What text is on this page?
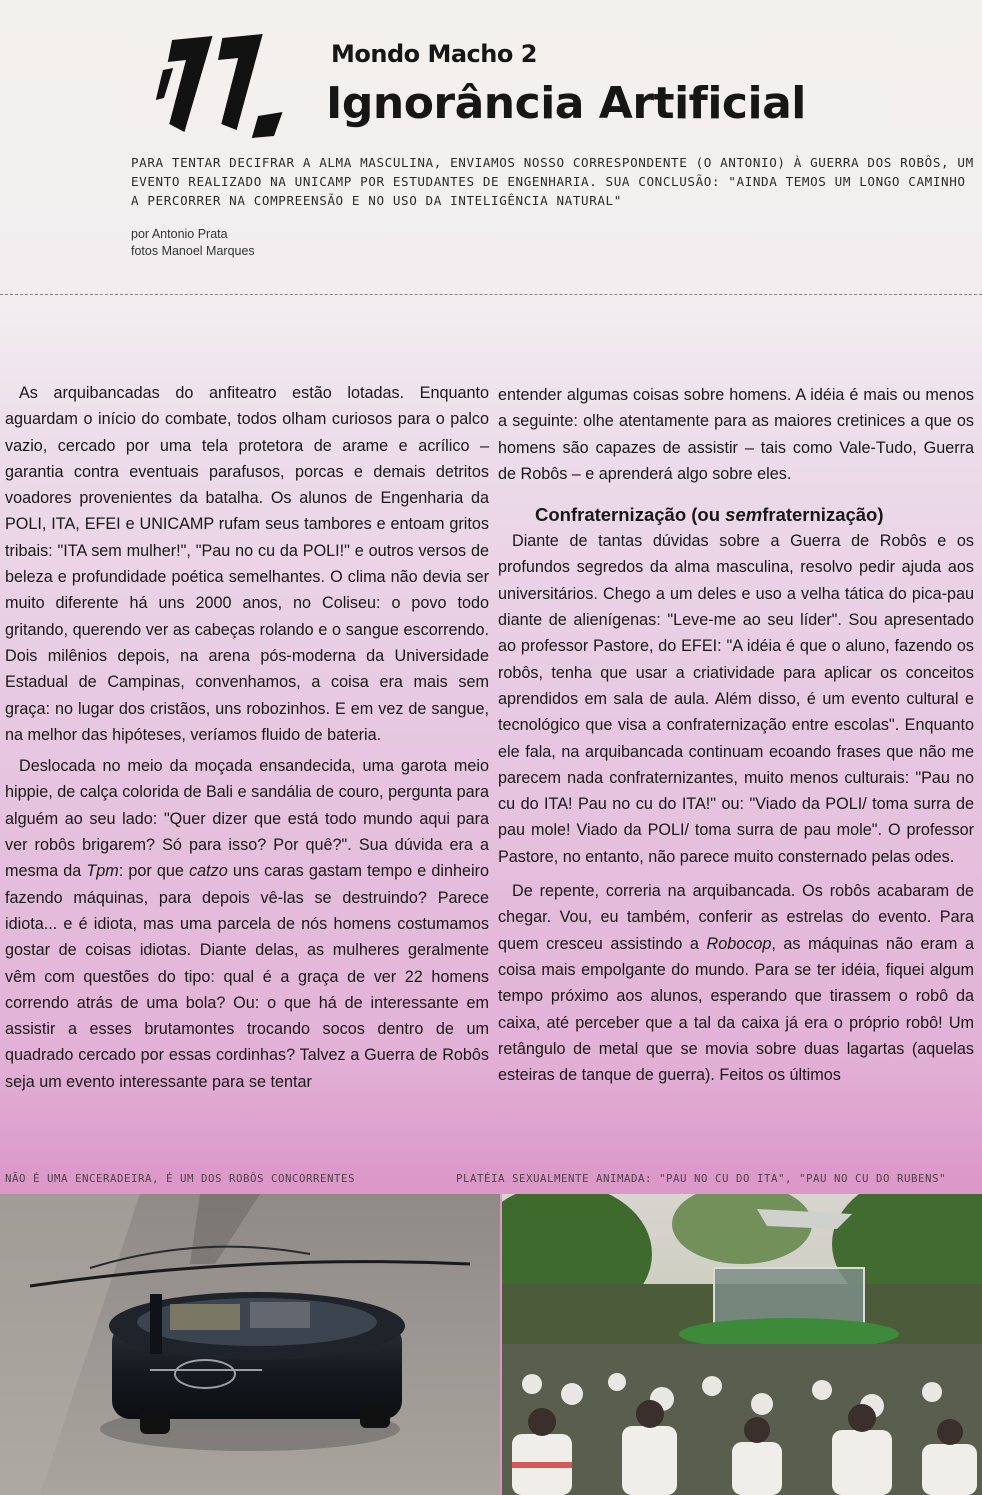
Mondo Macho 2
Ignorância Artificial
PARA TENTAR DECIFRAR A ALMA MASCULINA, ENVIAMOS NOSSO CORRESPONDENTE (O ANTONIO) À GUERRA DOS ROBÔS, UM EVENTO REALIZADO NA UNICAMP POR ESTUDANTES DE ENGENHARIA. SUA CONCLUSÃO: "AINDA TEMOS UM LONGO CAMINHO A PERCORRER NA COMPREENSÃO E NO USO DA INTELIGÊNCIA NATURAL"
por Antonio Prata
fotos Manoel Marques

As arquibancadas do anfiteatro estão lotadas. Enquanto aguardam o início do combate, todos olham curiosos para o palco vazio, cercado por uma tela protetora de arame e acrílico – garantia contra eventuais parafusos, porcas e demais detritos voadores provenientes da batalha. Os alunos de Engenharia da POLI, ITA, EFEI e UNICAMP rufam seus tambores e entoam gritos tribais: "ITA sem mulher!", "Pau no cu da POLI!" e outros versos de beleza e profundidade poética semelhantes. O clima não devia ser muito diferente há uns 2000 anos, no Coliseu: o povo todo gritando, querendo ver as cabeças rolando e o sangue escorrendo. Dois milênios depois, na arena pós-moderna da Universidade Estadual de Campinas, convenhamos, a coisa era mais sem graça: no lugar dos cristãos, uns robozinhos. E em vez de sangue, na melhor das hipóteses, veríamos fluido de bateria.

Deslocada no meio da moçada ensandecida, uma garota meio hippie, de calça colorida de Bali e sandália de couro, pergunta para alguém ao seu lado: "Quer dizer que está todo mundo aqui para ver robôs brigarem? Só para isso? Por quê?". Sua dúvida era a mesma da Tpm: por que catzo uns caras gastam tempo e dinheiro fazendo máquinas, para depois vê-las se destruindo? Parece idiota... e é idiota, mas uma parcela de nós homens costumamos gostar de coisas idiotas. Diante delas, as mulheres geralmente vêm com questões do tipo: qual é a graça de ver 22 homens correndo atrás de uma bola? Ou: o que há de interessante em assistir a esses brutamontes trocando socos dentro de um quadrado cercado por essas cordinhas? Talvez a Guerra de Robôs seja um evento interessante para se tentar

entender algumas coisas sobre homens. A idéia é mais ou menos a seguinte: olhe atentamente para as maiores cretinices a que os homens são capazes de assistir – tais como Vale-Tudo, Guerra de Robôs – e aprenderá algo sobre eles.

Confraternização (ou semfraternização)

Diante de tantas dúvidas sobre a Guerra de Robôs e os profundos segredos da alma masculina, resolvo pedir ajuda aos universitários. Chego a um deles e uso a velha tática do pica-pau diante de alienígenas: "Leve-me ao seu líder". Sou apresentado ao professor Pastore, do EFEI: "A idéia é que o aluno, fazendo os robôs, tenha que usar a criatividade para aplicar os conceitos aprendidos em sala de aula. Além disso, é um evento cultural e tecnológico que visa a confraternização entre escolas". Enquanto ele fala, na arquibancada continuam ecoando frases que não me parecem nada confraternizantes, muito menos culturais: "Pau no cu do ITA! Pau no cu do ITA!" ou: "Viado da POLI/ toma surra de pau mole! Viado da POLI/ toma surra de pau mole". O professor Pastore, no entanto, não parece muito consternado pelas odes.

De repente, correria na arquibancada. Os robôs acabaram de chegar. Vou, eu também, conferir as estrelas do evento. Para quem cresceu assistindo a Robocop, as máquinas não eram a coisa mais empolgante do mundo. Para se ter idéia, fiquei algum tempo próximo aos alunos, esperando que tirassem o robô da caixa, até perceber que a tal da caixa já era o próprio robô! Um retângulo de metal que se movia sobre duas lagartas (aquelas esteiras de tanque de guerra). Feitos os últimos

NÃO É UMA ENCERADEIRA, É UM DOS ROBÔS CONCORRENTES	PLATÉIA SEXUALMENTE ANIMADA: "PAU NO CU DO ITA", "PAU NO CU DO RUBENS"
